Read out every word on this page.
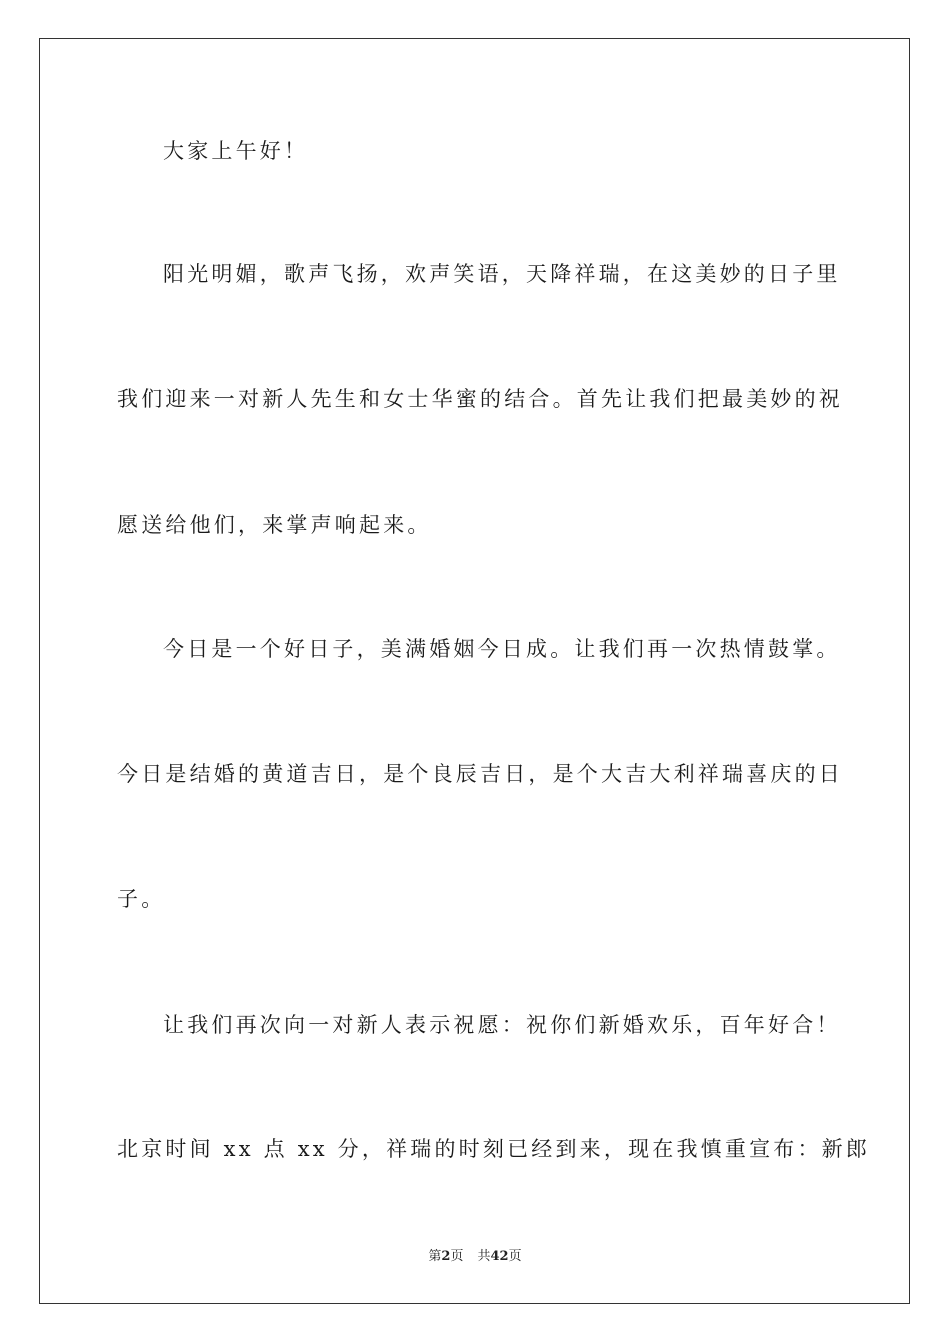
大家上午好！
阳光明媚，歌声飞扬，欢声笑语，天降祥瑞，在这美妙的日子里
我们迎来一对新人先生和女士华蜜的结合。首先让我们把最美妙的祝
愿送给他们，来掌声响起来。
今日是一个好日子，美满婚姻今日成。让我们再一次热情鼓掌。
今日是结婚的黄道吉日，是个良辰吉日，是个大吉大利祥瑞喜庆的日
子。
让我们再次向一对新人表示祝愿：祝你们新婚欢乐，百年好合！
北京时间 xx 点 xx 分，祥瑞的时刻已经到来，现在我慎重宣布：新郎
第2页 共42页
